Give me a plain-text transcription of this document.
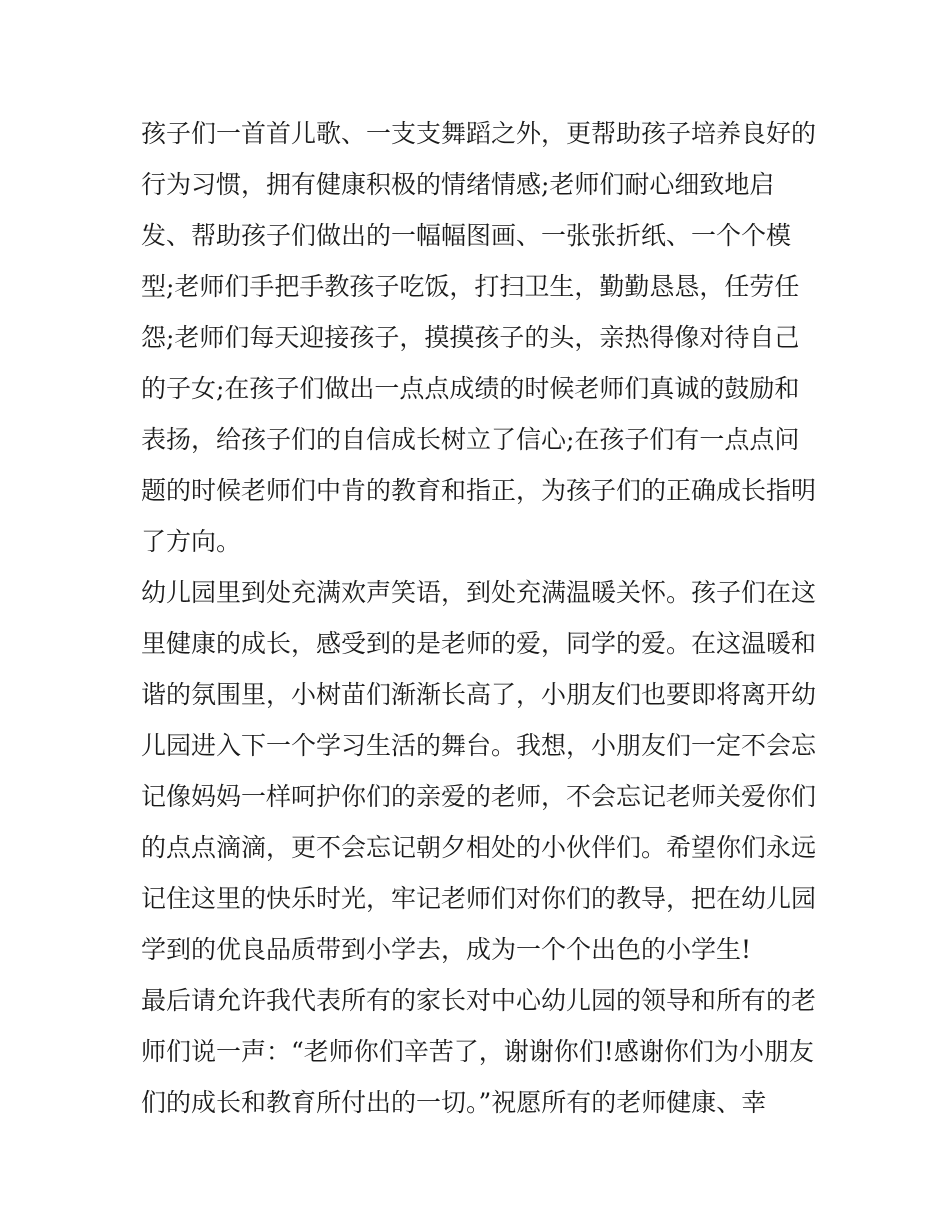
孩子们一首首儿歌、一支支舞蹈之外，更帮助孩子培养良好的
行为习惯，拥有健康积极的情绪情感;老师们耐心细致地启
发、帮助孩子们做出的一幅幅图画、一张张折纸、一个个模
型;老师们手把手教孩子吃饭，打扫卫生，勤勤恳恳，任劳任
怨;老师们每天迎接孩子，摸摸孩子的头，亲热得像对待自己
的子女;在孩子们做出一点点成绩的时候老师们真诚的鼓励和
表扬，给孩子们的自信成长树立了信心;在孩子们有一点点问
题的时候老师们中肯的教育和指正，为孩子们的正确成长指明
了方向。
幼儿园里到处充满欢声笑语，到处充满温暖关怀。孩子们在这
里健康的成长，感受到的是老师的爱，同学的爱。在这温暖和
谐的氛围里，小树苗们渐渐长高了，小朋友们也要即将离开幼
儿园进入下一个学习生活的舞台。我想，小朋友们一定不会忘
记像妈妈一样呵护你们的亲爱的老师，不会忘记老师关爱你们
的点点滴滴，更不会忘记朝夕相处的小伙伴们。希望你们永远
记住这里的快乐时光，牢记老师们对你们的教导，把在幼儿园
学到的优良品质带到小学去，成为一个个出色的小学生!
最后请允许我代表所有的家长对中心幼儿园的领导和所有的老
师们说一声：“老师你们辛苦了，谢谢你们!感谢你们为小朋友
们的成长和教育所付出的一切。”祝愿所有的老师健康、幸
